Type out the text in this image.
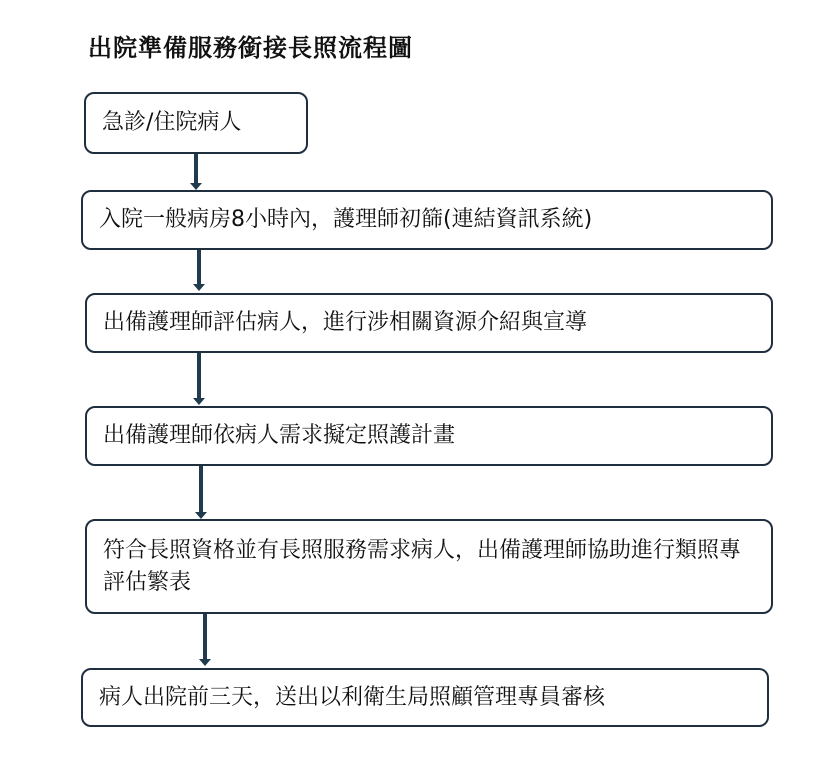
出院準備服務銜接長照流程圖
急診/住院病人
入院一般病房8小時內，護理師初篩(連結資訊系統)
出備護理師評估病人，進行涉相關資源介紹與宣導
出備護理師依病人需求擬定照護計畫
符合長照資格並有長照服務需求病人，出備護理師協助進行類照專評估繁表
病人出院前三天，送出以利衛生局照顧管理專員審核
